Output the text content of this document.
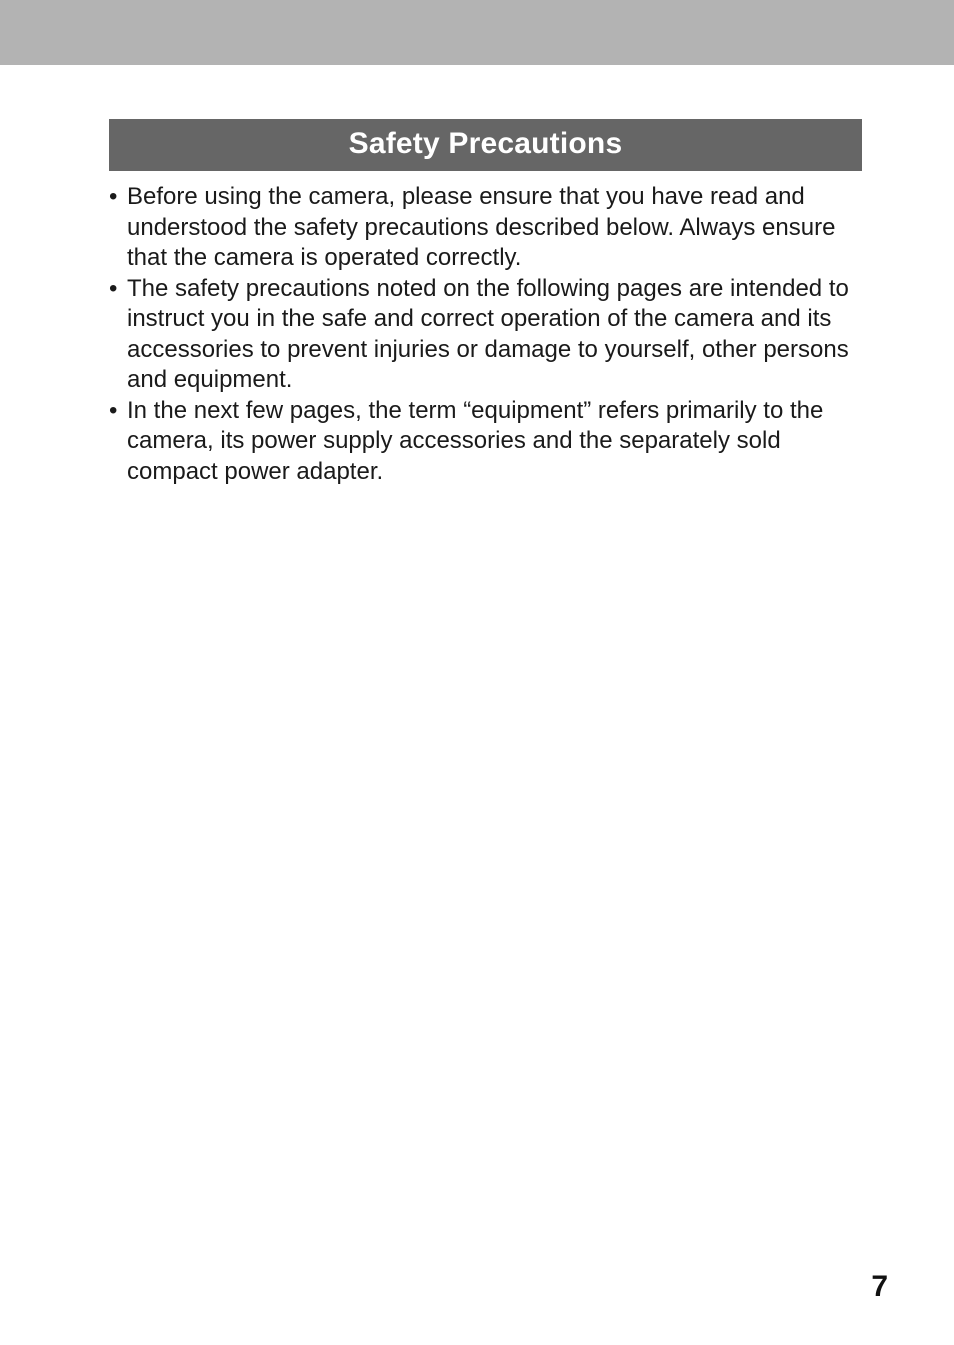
Safety Precautions
• Before using the camera, please ensure that you have read and understood the safety precautions described below. Always ensure that the camera is operated correctly.
• The safety precautions noted on the following pages are intended to instruct you in the safe and correct operation of the camera and its accessories to prevent injuries or damage to yourself, other persons and equipment.
• In the next few pages, the term “equipment” refers primarily to the camera, its power supply accessories and the separately sold compact power adapter.
7
